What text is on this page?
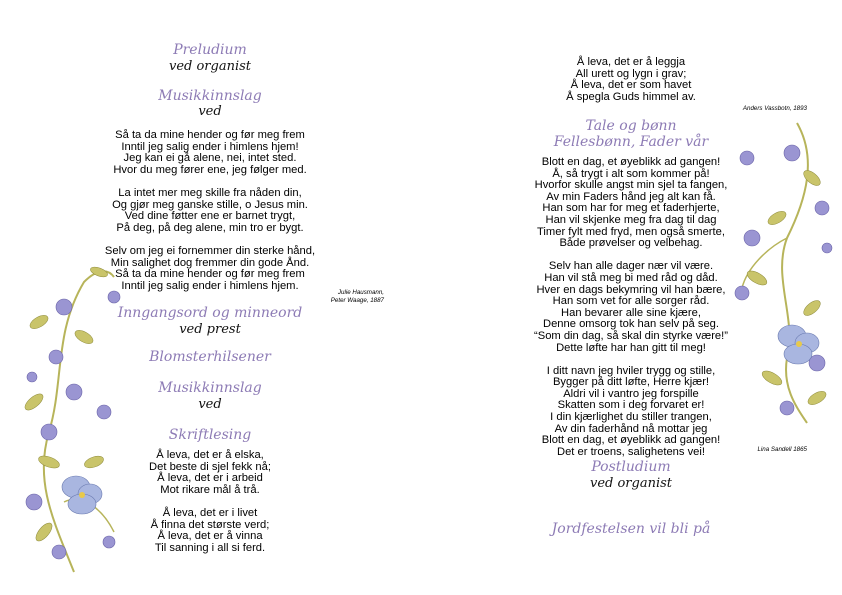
Preludium
ved organist
Musikkinnslag
ved
Så ta da mine hender og før meg frem
Inntil jeg salig ender i himlens hjem!
Jeg kan ei gå alene, nei, intet sted.
Hvor du meg fører ene, jeg følger med.

La intet mer meg skille fra nåden din,
Og gjør meg ganske stille, o Jesus min.
Ved dine føtter ene er barnet trygt,
På deg, på deg alene, min tro er bygt.

Selv om jeg ei fornemmer din sterke hånd,
Min salighet dog fremmer din gode Ånd.
Så ta da mine hender og før meg frem
Inntil jeg salig ender i himlens hjem.
Julie Hausmann,
Peter Waage, 1887
Inngangsord og minneord
ved prest
Blomsterhilsener
Musikkinnslag
ved
Skriftlesing
Å leva, det er å elska,
Det beste di sjel fekk nå;
Å leva, det er i arbeid
Mot rikare mål å trå.

Å leva, det er i livet
Å finna det største verd;
Å leva, det er å vinna
Til sanning i all si ferd.
Å leva, det er å leggja
All urett og lygn i grav;
Å leva, det er som havet
Å spegla Guds himmel av.
Anders Vassbotn, 1893
Tale og bønn
Fellesbønn, Fader vår
Blott en dag, et øyeblikk ad gangen!
Å, så trygt i alt som kommer på!
Hvorfor skulle angst min sjel ta fangen,
Av min Faders hånd jeg alt kan få.
Han som har for meg et faderhjerte,
Han vil skjenke meg fra dag til dag
Timer fylt med fryd, men også smerte,
Både prøvelser og velbehag.

Selv han alle dager nær vil være.
Han vil stå meg bi med råd og dåd.
Hver en dags bekymring vil han bære,
Han som vet for alle sorger råd.
Han bevarer alle sine kjære,
Denne omsorg tok han selv på seg.
“Som din dag, så skal din styrke være!”
Dette løfte har han gitt til meg!

I ditt navn jeg hviler trygg og stille,
Bygger på ditt løfte, Herre kjær!
Aldri vil i vantro jeg forspille
Skatten som i deg forvaret er!
I din kjærlighet du stiller trangen,
Av din faderhånd nå mottar jeg
Blott en dag, et øyeblikk ad gangen!
Det er troens, salighetens vei!	Lina Sandell 1865
Postludium
ved organist
Jordfestelsen vil bli på
